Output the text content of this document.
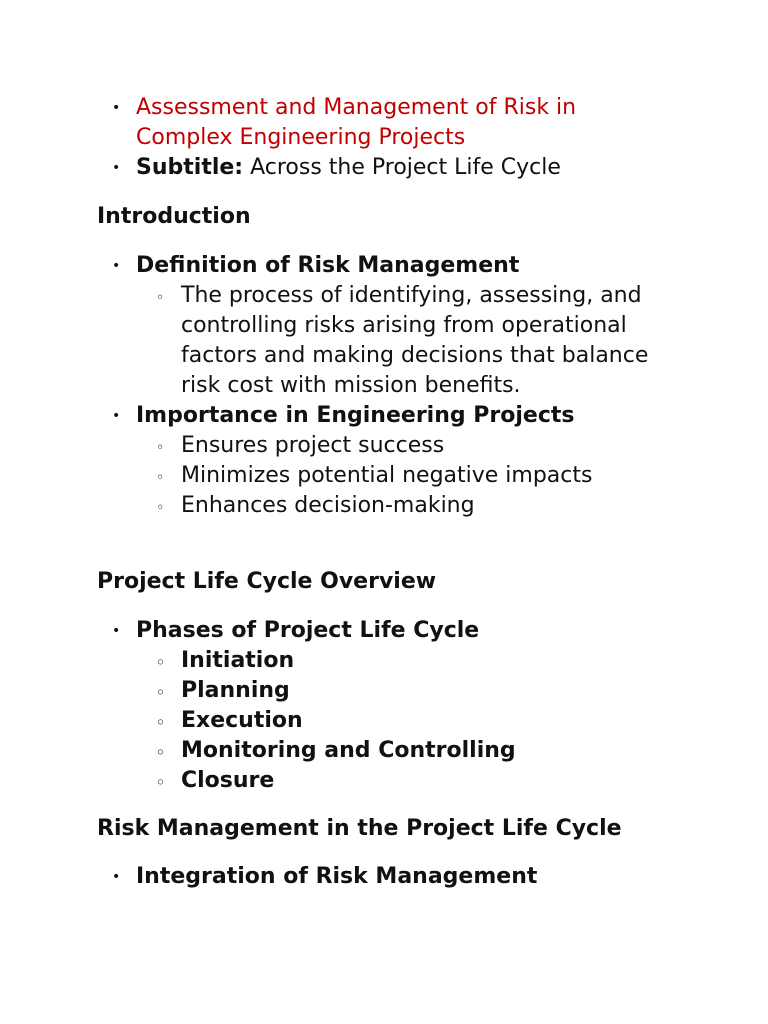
• Assessment and Management of Risk in Complex Engineering Projects
• Subtitle: Across the Project Life Cycle
Introduction
• Definition of Risk Management
◦ The process of identifying, assessing, and controlling risks arising from operational factors and making decisions that balance risk cost with mission benefits.
• Importance in Engineering Projects
◦ Ensures project success
◦ Minimizes potential negative impacts
◦ Enhances decision-making
Project Life Cycle Overview
• Phases of Project Life Cycle
◦ Initiation
◦ Planning
◦ Execution
◦ Monitoring and Controlling
◦ Closure
Risk Management in the Project Life Cycle
• Integration of Risk Management
